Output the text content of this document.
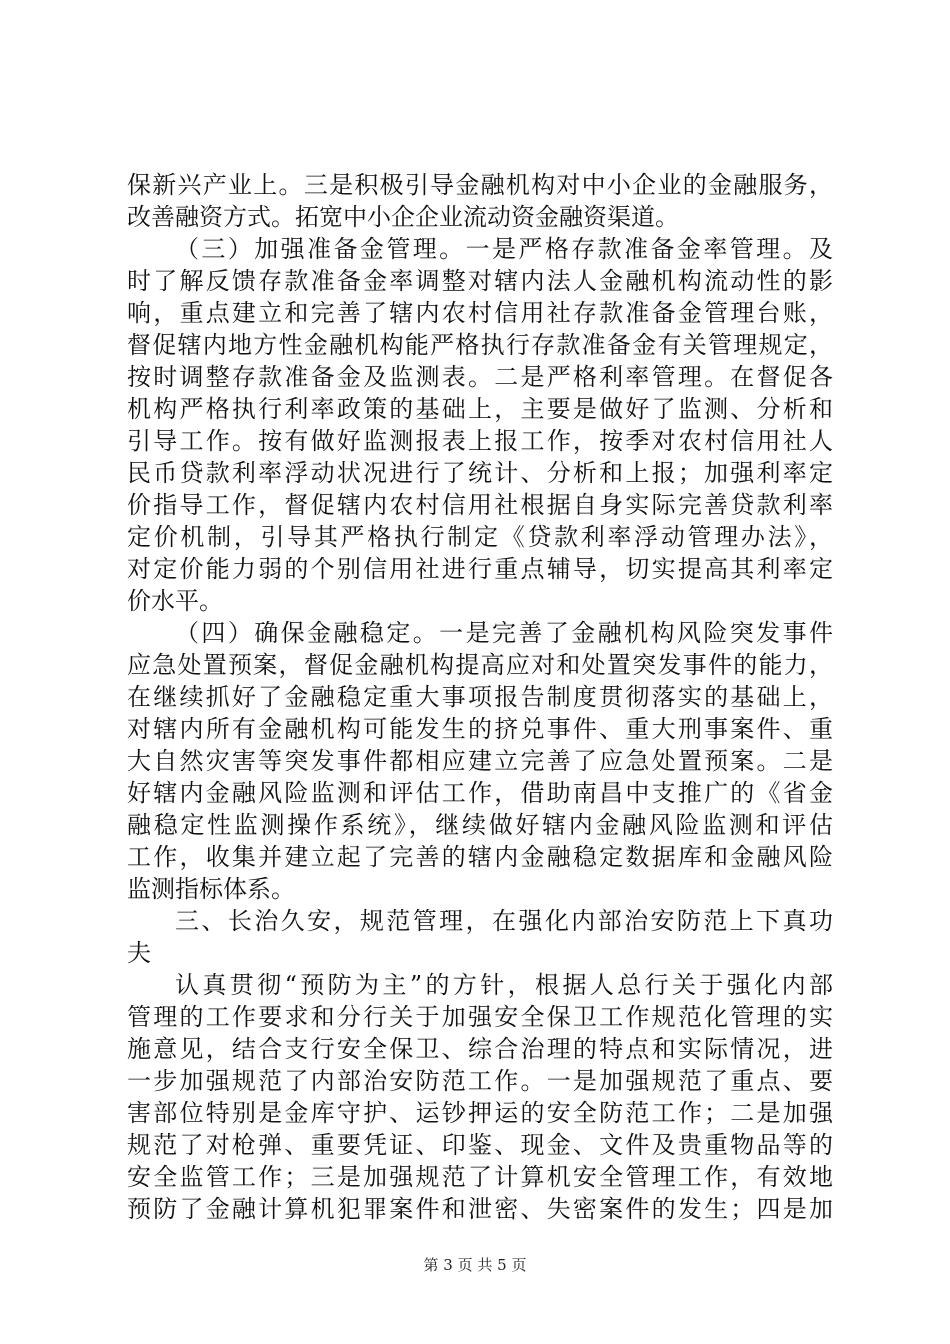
保新兴产业上。三是积极引导金融机构对中小企业的金融服务，
改善融资方式。拓宽中小企企业流动资金融资渠道。
（三）加强准备金管理。一是严格存款准备金率管理。及
时了解反馈存款准备金率调整对辖内法人金融机构流动性的影
响，重点建立和完善了辖内农村信用社存款准备金管理台账，
督促辖内地方性金融机构能严格执行存款准备金有关管理规定，
按时调整存款准备金及监测表。二是严格利率管理。在督促各
机构严格执行利率政策的基础上，主要是做好了监测、分析和
引导工作。按有做好监测报表上报工作，按季对农村信用社人
民币贷款利率浮动状况进行了统计、分析和上报；加强利率定
价指导工作，督促辖内农村信用社根据自身实际完善贷款利率
定价机制，引导其严格执行制定《贷款利率浮动管理办法》，
对定价能力弱的个别信用社进行重点辅导，切实提高其利率定
价水平。
（四）确保金融稳定。一是完善了金融机构风险突发事件
应急处置预案，督促金融机构提高应对和处置突发事件的能力，
在继续抓好了金融稳定重大事项报告制度贯彻落实的基础上，
对辖内所有金融机构可能发生的挤兑事件、重大刑事案件、重
大自然灾害等突发事件都相应建立完善了应急处置预案。二是
好辖内金融风险监测和评估工作，借助南昌中支推广的《省金
融稳定性监测操作系统》，继续做好辖内金融风险监测和评估
工作，收集并建立起了完善的辖内金融稳定数据库和金融风险
监测指标体系。
三、长治久安，规范管理，在强化内部治安防范上下真功
夫
认真贯彻“预防为主”的方针，根据人总行关于强化内部
管理的工作要求和分行关于加强安全保卫工作规范化管理的实
施意见，结合支行安全保卫、综合治理的特点和实际情况，进
一步加强规范了内部治安防范工作。一是加强规范了重点、要
害部位特别是金库守护、运钞押运的安全防范工作；二是加强
规范了对枪弹、重要凭证、印鉴、现金、文件及贵重物品等的
安全监管工作；三是加强规范了计算机安全管理工作，有效地
预防了金融计算机犯罪案件和泄密、失密案件的发生；四是加
第 3 页 共 5 页
